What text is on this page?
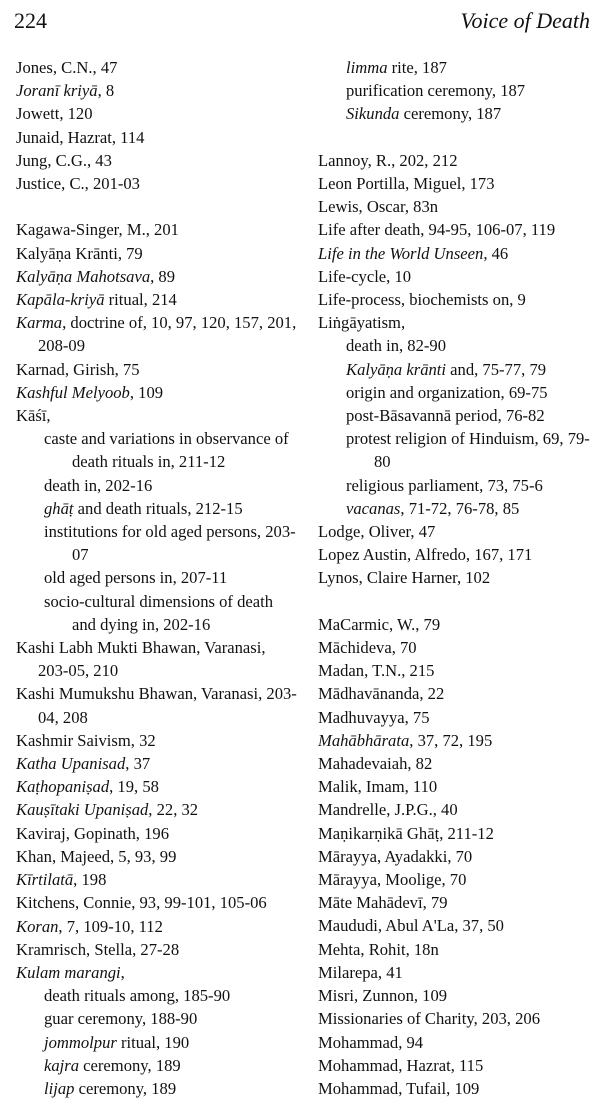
224	Voice of Death
Jones, C.N., 47
Joranī kriyā, 8
Jowett, 120
Junaid, Hazrat, 114
Jung, C.G., 43
Justice, C., 201-03
Kagawa-Singer, M., 201
Kalyāṇa Krānti, 79
Kalyāṇa Mahotsava, 89
Kapāla-kriyā ritual, 214
Karma, doctrine of, 10, 97, 120, 157, 201, 208-09
Karnad, Girish, 75
Kashful Melyoob, 109
Kāśī,
caste and variations in observance of death rituals in, 211-12
death in, 202-16
ghāṭ and death rituals, 212-15
institutions for old aged persons, 203-07
old aged persons in, 207-11
socio-cultural dimensions of death and dying in, 202-16
Kashi Labh Mukti Bhawan, Varanasi, 203-05, 210
Kashi Mumukshu Bhawan, Varanasi, 203-04, 208
Kashmir Saivism, 32
Katha Upanisad, 37
Kaṭhopaniṣad, 19, 58
Kauṣītaki Upaniṣad, 22, 32
Kaviraj, Gopinath, 196
Khan, Majeed, 5, 93, 99
Kīrtilatā, 198
Kitchens, Connie, 93, 99-101, 105-06
Koran, 7, 109-10, 112
Kramrisch, Stella, 27-28
Kulam marangi,
death rituals among, 185-90
guar ceremony, 188-90
jommolpur ritual, 190
kajra ceremony, 189
lijap ceremony, 189
limma rite, 187
purification ceremony, 187
Sikunda ceremony, 187
Lannoy, R., 202, 212
Leon Portilla, Miguel, 173
Lewis, Oscar, 83n
Life after death, 94-95, 106-07, 119
Life in the World Unseen, 46
Life-cycle, 10
Life-process, biochemists on, 9
Liṅgāyatism,
death in, 82-90
Kalyāṇa krānti and, 75-77, 79
origin and organization, 69-75
post-Bāsavannā period, 76-82
protest religion of Hinduism, 69, 79-80
religious parliament, 73, 75-6
vacanas, 71-72, 76-78, 85
Lodge, Oliver, 47
Lopez Austin, Alfredo, 167, 171
Lynos, Claire Harner, 102
MaCarmic, W., 79
Māchideva, 70
Madan, T.N., 215
Mādhavānanda, 22
Madhuvayya, 75
Mahābhārata, 37, 72, 195
Mahadevaiah, 82
Malik, Imam, 110
Mandrelle, J.P.G., 40
Maṇikarṇikā Ghāṭ, 211-12
Mārayya, Ayadakki, 70
Mārayya, Moolige, 70
Māte Mahādevī, 79
Maududi, Abul A'La, 37, 50
Mehta, Rohit, 18n
Milarepa, 41
Misri, Zunnon, 109
Missionaries of Charity, 203, 206
Mohammad, 94
Mohammad, Hazrat, 115
Mohammad, Tufail, 109
